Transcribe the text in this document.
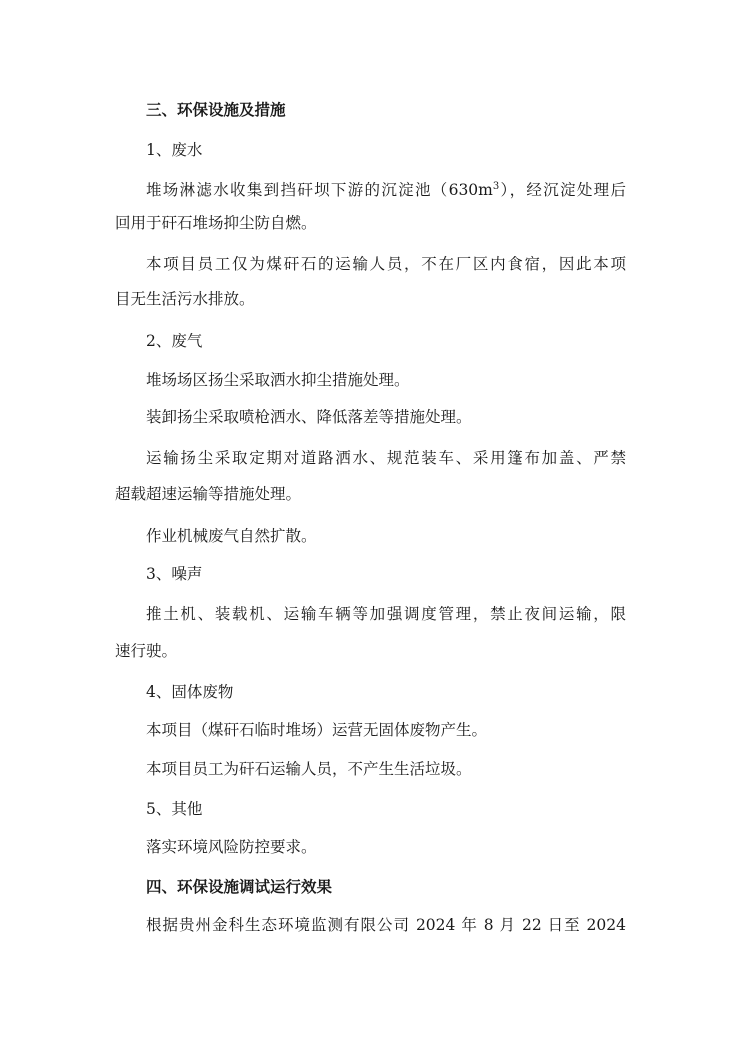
三、环保设施及措施
1、废水
堆场淋滤水收集到挡矸坝下游的沉淀池$(630m^3)$，经沉淀处理后
回用于矸石堆场抑尘防自燃。
本项目员工仅为煤矸石的运输人员，不在厂区内食宿，因此本项
目无生活污水排放。
2、废气
堆场场区扬尘采取洒水抑尘措施处理。
装卸扬尘采取喷枪洒水、降低落差等措施处理。
运输扬尘采取定期对道路洒水、规范装车、采用篷布加盖、严禁
超载超速运输等措施处理。
作业机械废气自然扩散。
3、噪声
推土机、装载机、运输车辆等加强调度管理，禁止夜间运输，限
速行驶。
4、固体废物
本项目（煤矸石临时堆场）运营无固体废物产生。
本项目员工为矸石运输人员，不产生生活垃圾。
5、其他
落实环境风险防控要求。
四、环保设施调试运行效果
根据贵州金科生态环境监测有限公司 2024 年 8 月 22 日至 2024
